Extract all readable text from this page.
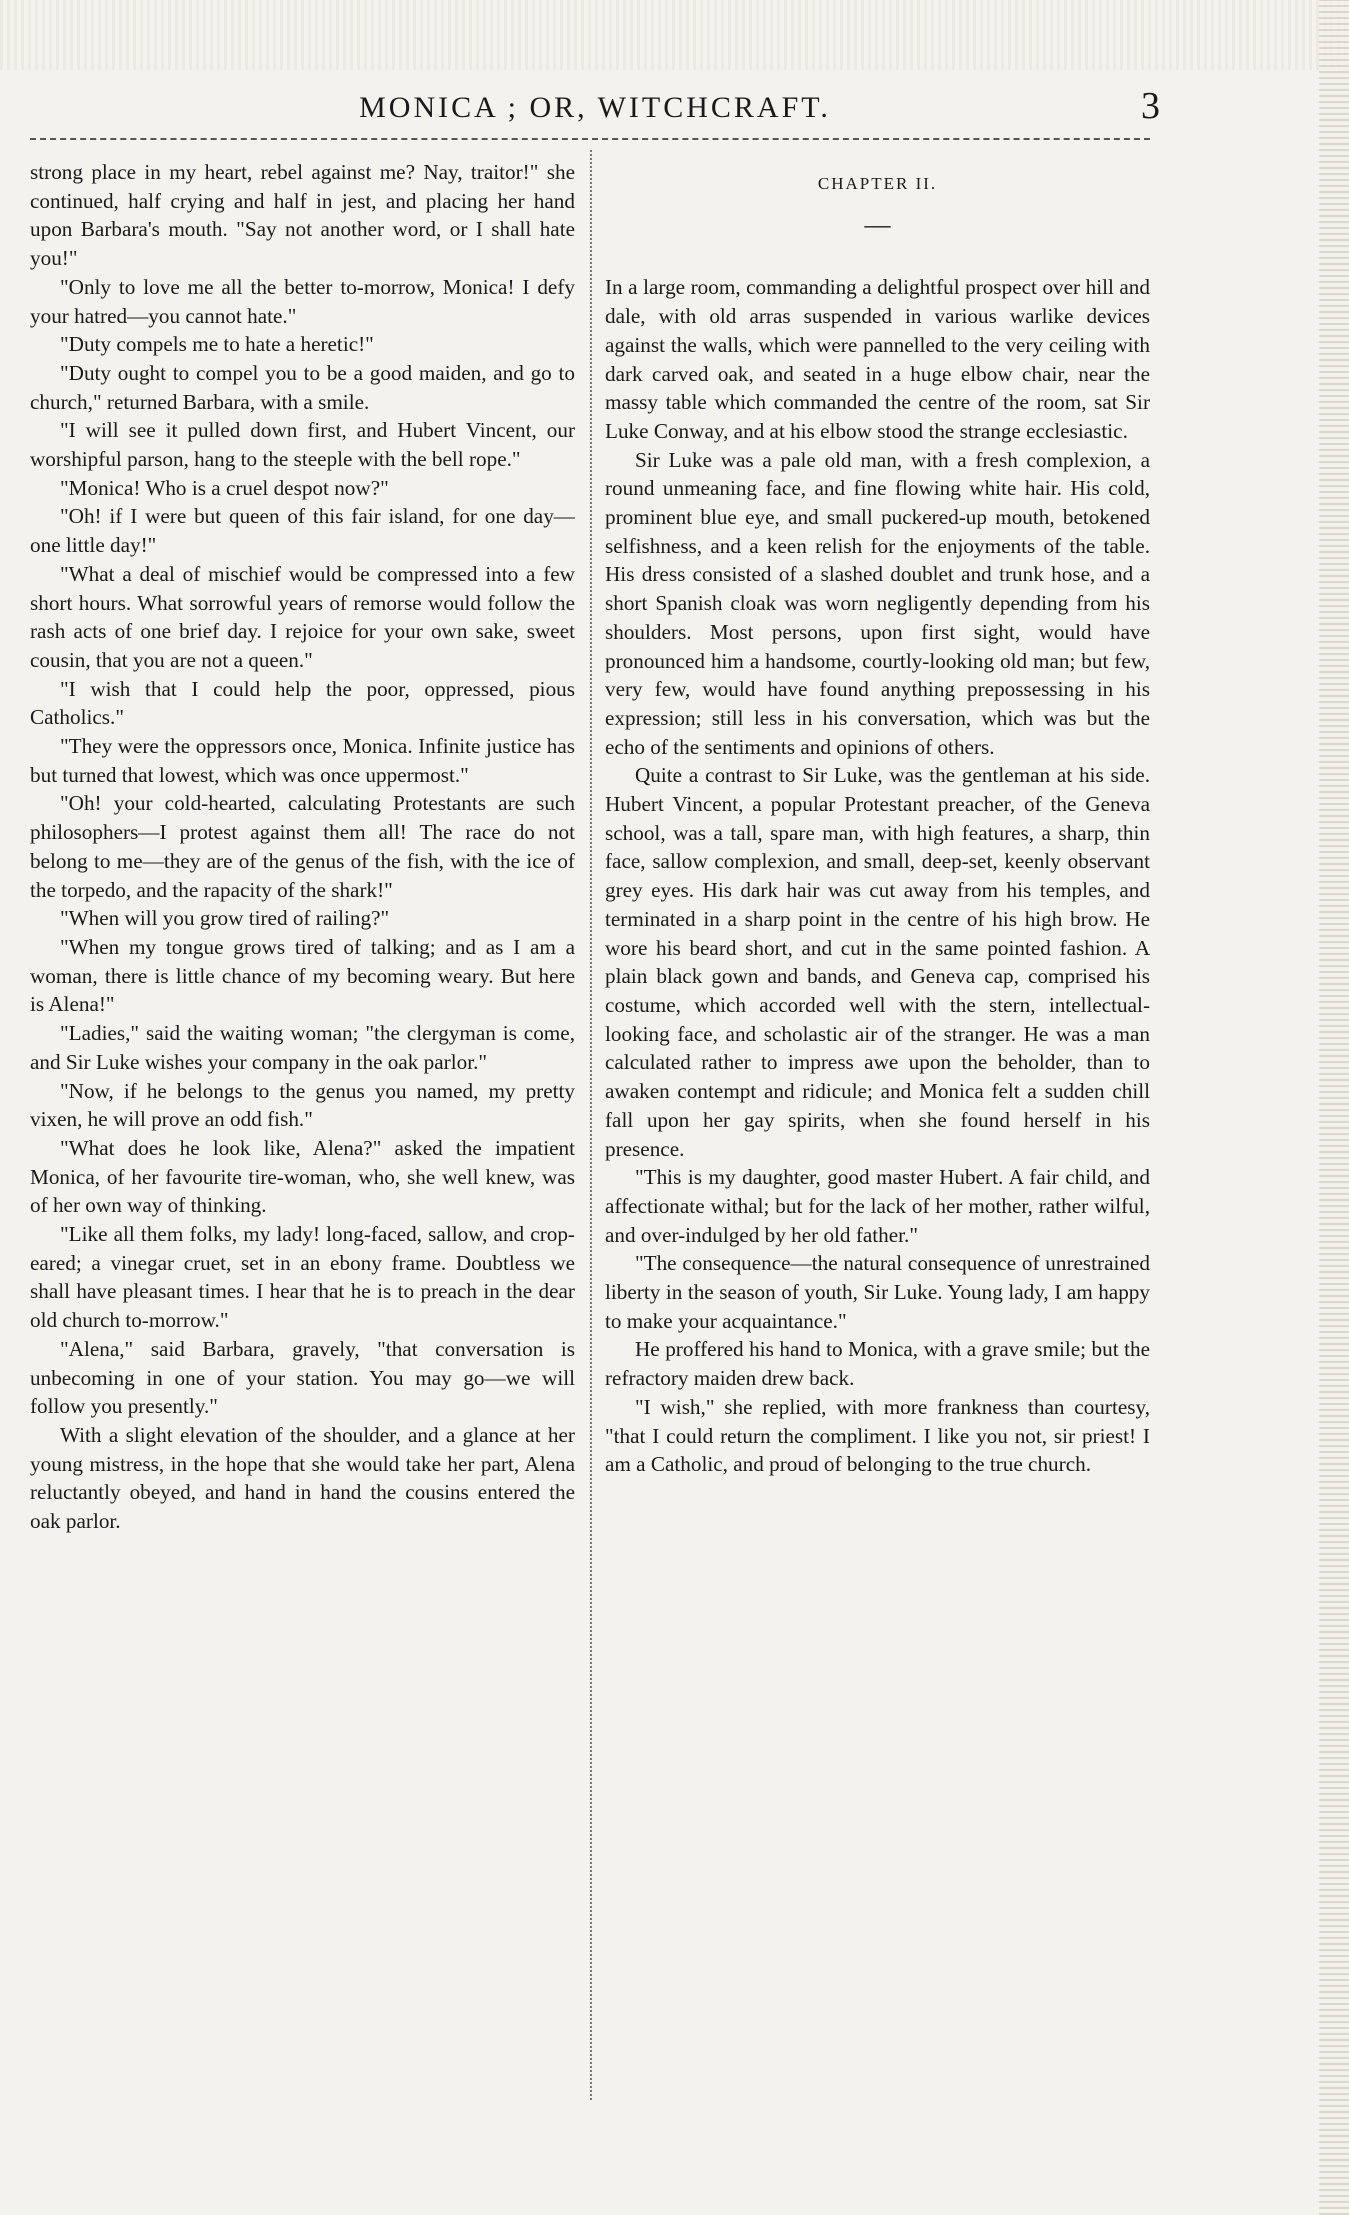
MONICA ; OR, WITCHCRAFT.	3

strong place in my heart, rebel against me? Nay, traitor!" she continued, half crying and half in jest, and placing her hand upon Barbara's mouth. "Say not another word, or I shall hate you!"

"Only to love me all the better to-morrow, Monica! I defy your hatred—you cannot hate."

"Duty compels me to hate a heretic!"

"Duty ought to compel you to be a good maiden, and go to church," returned Barbara, with a smile.

"I will see it pulled down first, and Hubert Vincent, our worshipful parson, hang to the steeple with the bell rope."

"Monica! Who is a cruel despot now?"

"Oh! if I were but queen of this fair island, for one day—one little day!"

"What a deal of mischief would be compressed into a few short hours. What sorrowful years of remorse would follow the rash acts of one brief day. I rejoice for your own sake, sweet cousin, that you are not a queen."

"I wish that I could help the poor, oppressed, pious Catholics."

"They were the oppressors once, Monica. Infinite justice has but turned that lowest, which was once uppermost."

"Oh! your cold-hearted, calculating Protestants are such philosophers—I protest against them all! The race do not belong to me—they are of the genus of the fish, with the ice of the torpedo, and the rapacity of the shark!"

"When will you grow tired of railing?"

"When my tongue grows tired of talking; and as I am a woman, there is little chance of my becoming weary. But here is Alena!"

"Ladies," said the waiting woman; "the clergyman is come, and Sir Luke wishes your company in the oak parlor."

"Now, if he belongs to the genus you named, my pretty vixen, he will prove an odd fish."

"What does he look like, Alena?" asked the impatient Monica, of her favourite tire-woman, who, she well knew, was of her own way of thinking.

"Like all them folks, my lady! long-faced, sallow, and crop-eared; a vinegar cruet, set in an ebony frame. Doubtless we shall have pleasant times. I hear that he is to preach in the dear old church to-morrow."

"Alena," said Barbara, gravely, "that conversation is unbecoming in one of your station. You may go—we will follow you presently."

With a slight elevation of the shoulder, and a glance at her young mistress, in the hope that she would take her part, Alena reluctantly obeyed, and hand in hand the cousins entered the oak parlor.

CHAPTER II.
—

In a large room, commanding a delightful prospect over hill and dale, with old arras suspended in various warlike devices against the walls, which were pannelled to the very ceiling with dark carved oak, and seated in a huge elbow chair, near the massy table which commanded the centre of the room, sat Sir Luke Conway, and at his elbow stood the strange ecclesiastic.

Sir Luke was a pale old man, with a fresh complexion, a round unmeaning face, and fine flowing white hair. His cold, prominent blue eye, and small puckered-up mouth, betokened selfishness, and a keen relish for the enjoyments of the table. His dress consisted of a slashed doublet and trunk hose, and a short Spanish cloak was worn negligently depending from his shoulders. Most persons, upon first sight, would have pronounced him a handsome, courtly-looking old man; but few, very few, would have found anything prepossessing in his expression; still less in his conversation, which was but the echo of the sentiments and opinions of others.

Quite a contrast to Sir Luke, was the gentleman at his side. Hubert Vincent, a popular Protestant preacher, of the Geneva school, was a tall, spare man, with high features, a sharp, thin face, sallow complexion, and small, deep-set, keenly observant grey eyes. His dark hair was cut away from his temples, and terminated in a sharp point in the centre of his high brow. He wore his beard short, and cut in the same pointed fashion. A plain black gown and bands, and Geneva cap, comprised his costume, which accorded well with the stern, intellectual-looking face, and scholastic air of the stranger. He was a man calculated rather to impress awe upon the beholder, than to awaken contempt and ridicule; and Monica felt a sudden chill fall upon her gay spirits, when she found herself in his presence.

"This is my daughter, good master Hubert. A fair child, and affectionate withal; but for the lack of her mother, rather wilful, and over-indulged by her old father."

"The consequence—the natural consequence of unrestrained liberty in the season of youth, Sir Luke. Young lady, I am happy to make your acquaintance."

He proffered his hand to Monica, with a grave smile; but the refractory maiden drew back.

"I wish," she replied, with more frankness than courtesy, "that I could return the compliment. I like you not, sir priest! I am a Catholic, and proud of belonging to the true church.
